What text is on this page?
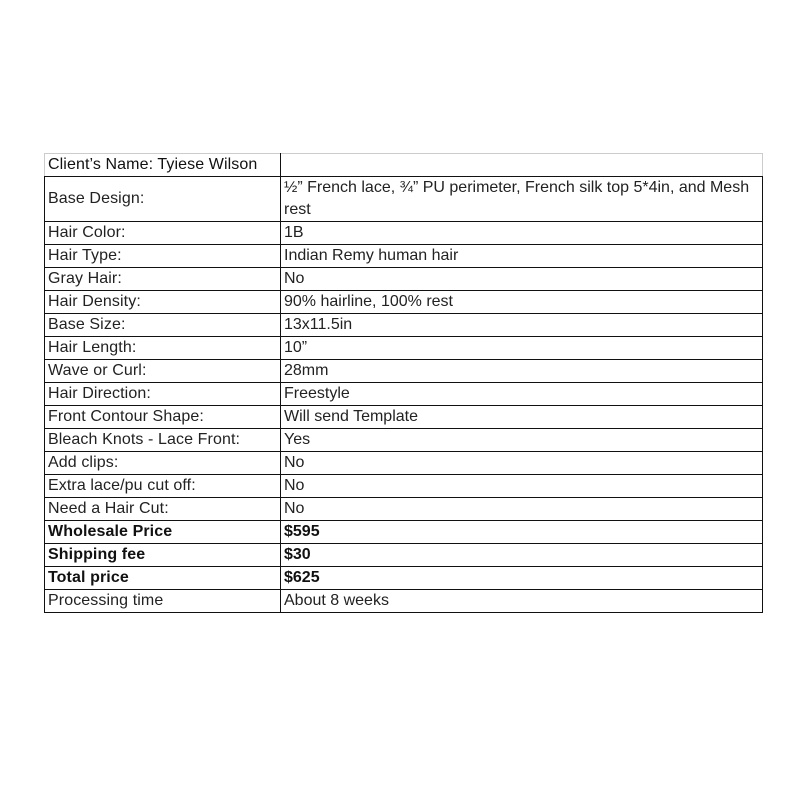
Client’s Name: Tyiese Wilson	
Base Design:	½” French lace, ¾” PU perimeter, French silk top 5*4in, and Mesh rest
Hair Color:	1B
Hair Type:	Indian Remy human hair
Gray Hair:	No
Hair Density:	90% hairline, 100% rest
Base Size:	13x11.5in
Hair Length:	10”
Wave or Curl:	28mm
Hair Direction:	Freestyle
Front Contour Shape:	Will send Template
Bleach Knots - Lace Front:	Yes
Add clips:	No
Extra lace/pu cut off:	No
Need a Hair Cut:	No
Wholesale Price	$595
Shipping fee	$30
Total price	$625
Processing time	About 8 weeks
